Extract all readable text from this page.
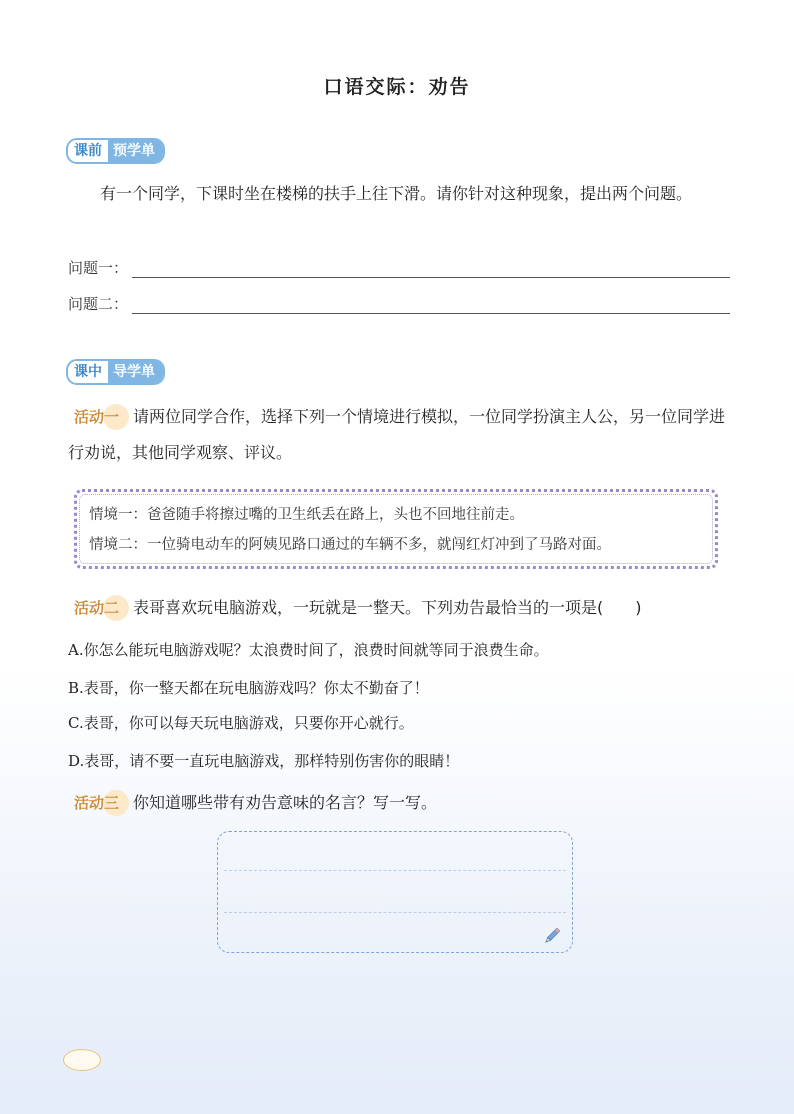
口语交际：劝告
课前 预学单
有一个同学，下课时坐在楼梯的扶手上往下滑。请你针对这种现象，提出两个问题。
问题一：
问题二：
课中 导学单
活动一 请两位同学合作，选择下列一个情境进行模拟，一位同学扮演主人公，另一位同学进行劝说，其他同学观察、评议。
情境一：爸爸随手将擦过嘴的卫生纸丢在路上，头也不回地往前走。
情境二：一位骑电动车的阿姨见路口通过的车辆不多，就闯红灯冲到了马路对面。
活动二 表哥喜欢玩电脑游戏，一玩就是一整天。下列劝告最恰当的一项是(　　)
A.你怎么能玩电脑游戏呢？太浪费时间了，浪费时间就等同于浪费生命。
B.表哥，你一整天都在玩电脑游戏吗？你太不勤奋了！
C.表哥，你可以每天玩电脑游戏，只要你开心就行。
D.表哥，请不要一直玩电脑游戏，那样特别伤害你的眼睛！
活动三 你知道哪些带有劝告意味的名言？写一写。
